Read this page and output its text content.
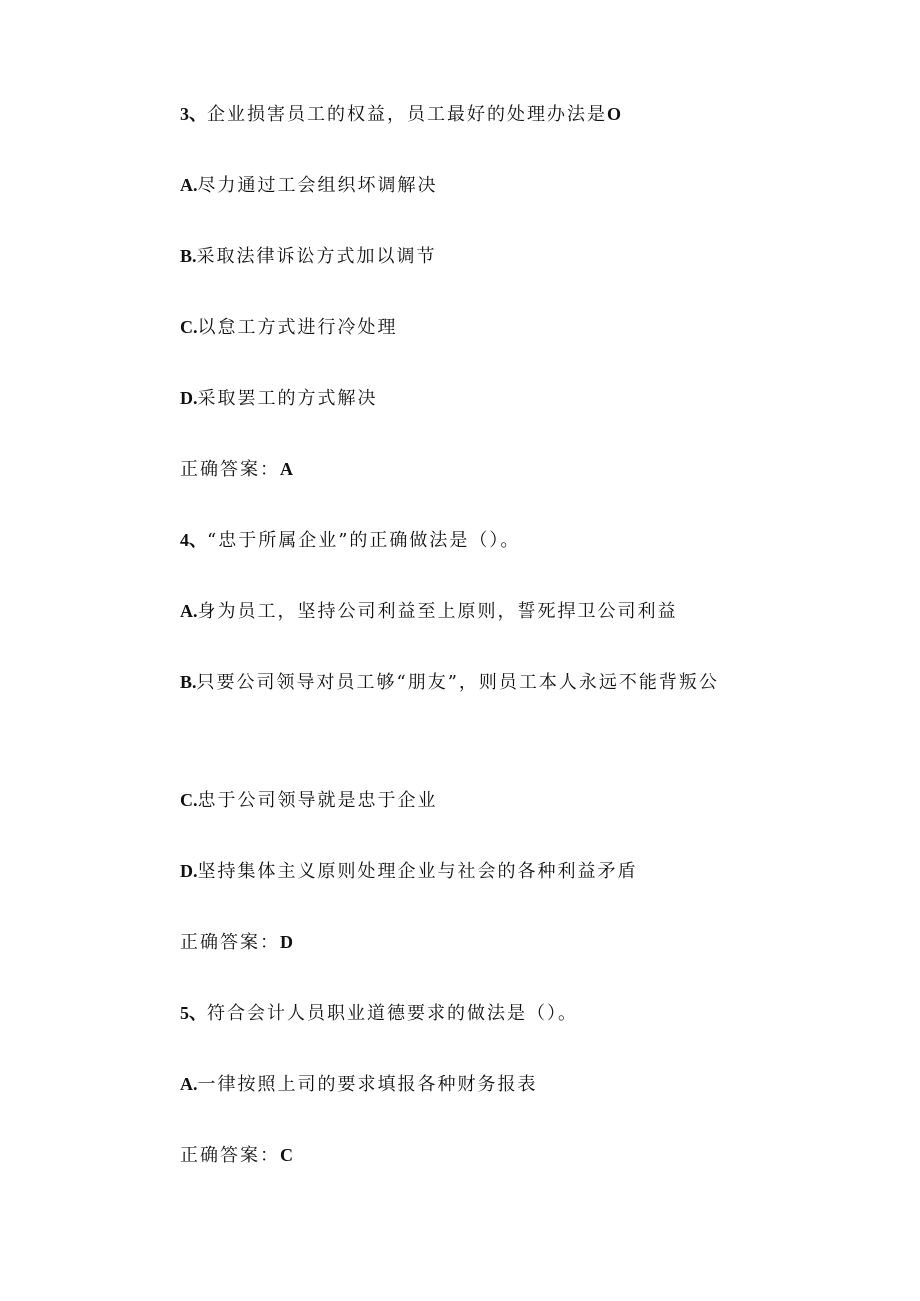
3、企业损害员工的权益，员工最好的处理办法是O
A.尽力通过工会组织坏调解决
B.采取法律诉讼方式加以调节
C.以怠工方式进行冷处理
D.采取罢工的方式解决
正确答案：A
4、“忠于所属企业”的正确做法是（）。
A.身为员工，坚持公司利益至上原则，誓死捍卫公司利益
B.只要公司领导对员工够“朋友”，则员工本人永远不能背叛公
C.忠于公司领导就是忠于企业
D.坚持集体主义原则处理企业与社会的各种利益矛盾
正确答案：D
5、符合会计人员职业道德要求的做法是（）。
A.一律按照上司的要求填报各种财务报表
正确答案：C
